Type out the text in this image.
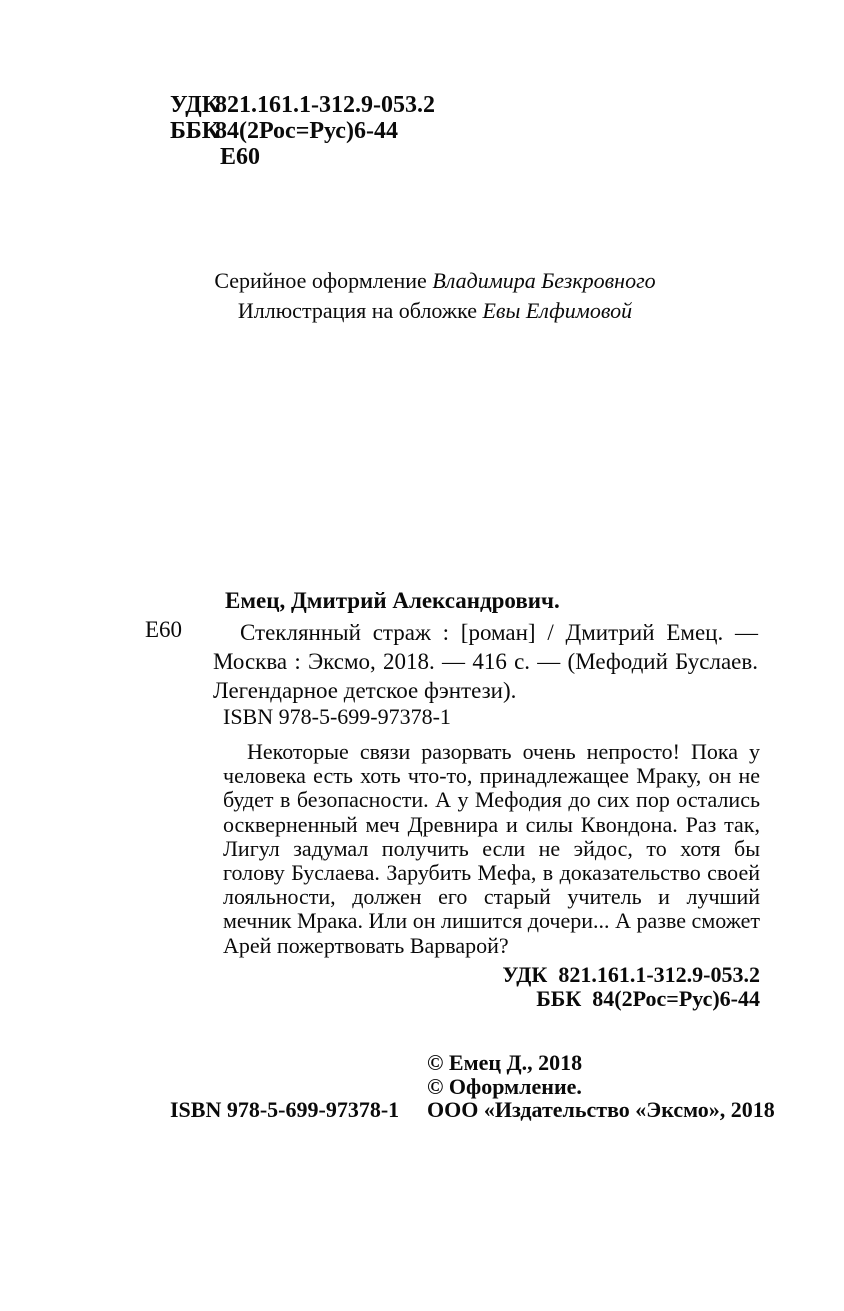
УДК
821.161.1-312.9-053.2
ББК
84(2Рос=Рус)6-44
Е60
Серийное оформление Владимира Безкровного
Иллюстрация на обложке Евы Елфимовой
Емец, Дмитрий Александрович.
Е60	Стеклянный страж : [роман] / Дмитрий Емец. — Москва : Эксмо, 2018. — 416 с. — (Мефодий Буслаев. Легендарное детское фэнтези).
ISBN 978-5-699-97378-1
Некоторые связи разорвать очень непросто! Пока у человека есть хоть что-то, принадлежащее Мраку, он не будет в безопасности. А у Мефодия до сих пор остались оскверненный меч Древнира и силы Квондона. Раз так, Лигул задумал получить если не эйдос, то хотя бы голову Буслаева. Зарубить Мефа, в доказательство своей лояльности, должен его старый учитель и лучший мечник Мрака. Или он лишится дочери... А разве сможет Арей пожертвовать Варварой?
УДК 821.161.1-312.9-053.2
ББК 84(2Рос=Рус)6-44
© Емец Д., 2018
© Оформление.
ООО «Издательство «Эксмо», 2018
ISBN 978-5-699-97378-1
